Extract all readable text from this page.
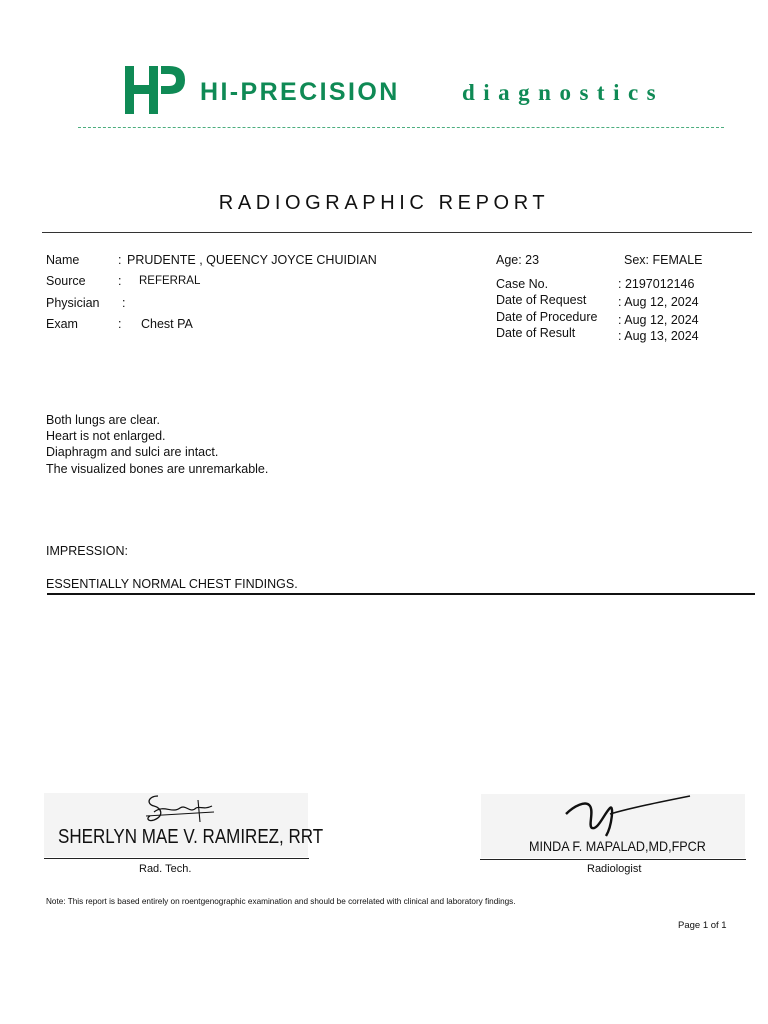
HI-PRECISION	diagnostics
RADIOGRAPHIC REPORT
Name	: PRUDENTE , QUEENCY JOYCE CHUIDIAN
Source	: REFERRAL
Physician :
Exam	: Chest PA
Age: 23	Sex: FEMALE
Case No.	: 2197012146
Date of Request	: Aug 12, 2024
Date of Procedure : Aug 12, 2024
Date of Result	: Aug 13, 2024
Both lungs are clear.
Heart is not enlarged.
Diaphragm and sulci are intact.
The visualized bones are unremarkable.
IMPRESSION:
ESSENTIALLY NORMAL CHEST FINDINGS.
SHERLYN MAE V. RAMIREZ, RRT
Rad. Tech.
MINDA F. MAPALAD,MD,FPCR
Radiologist
Note: This report is based entirely on roentgenographic examination and should be correlated with clinical and laboratory findings.
Page 1 of 1
